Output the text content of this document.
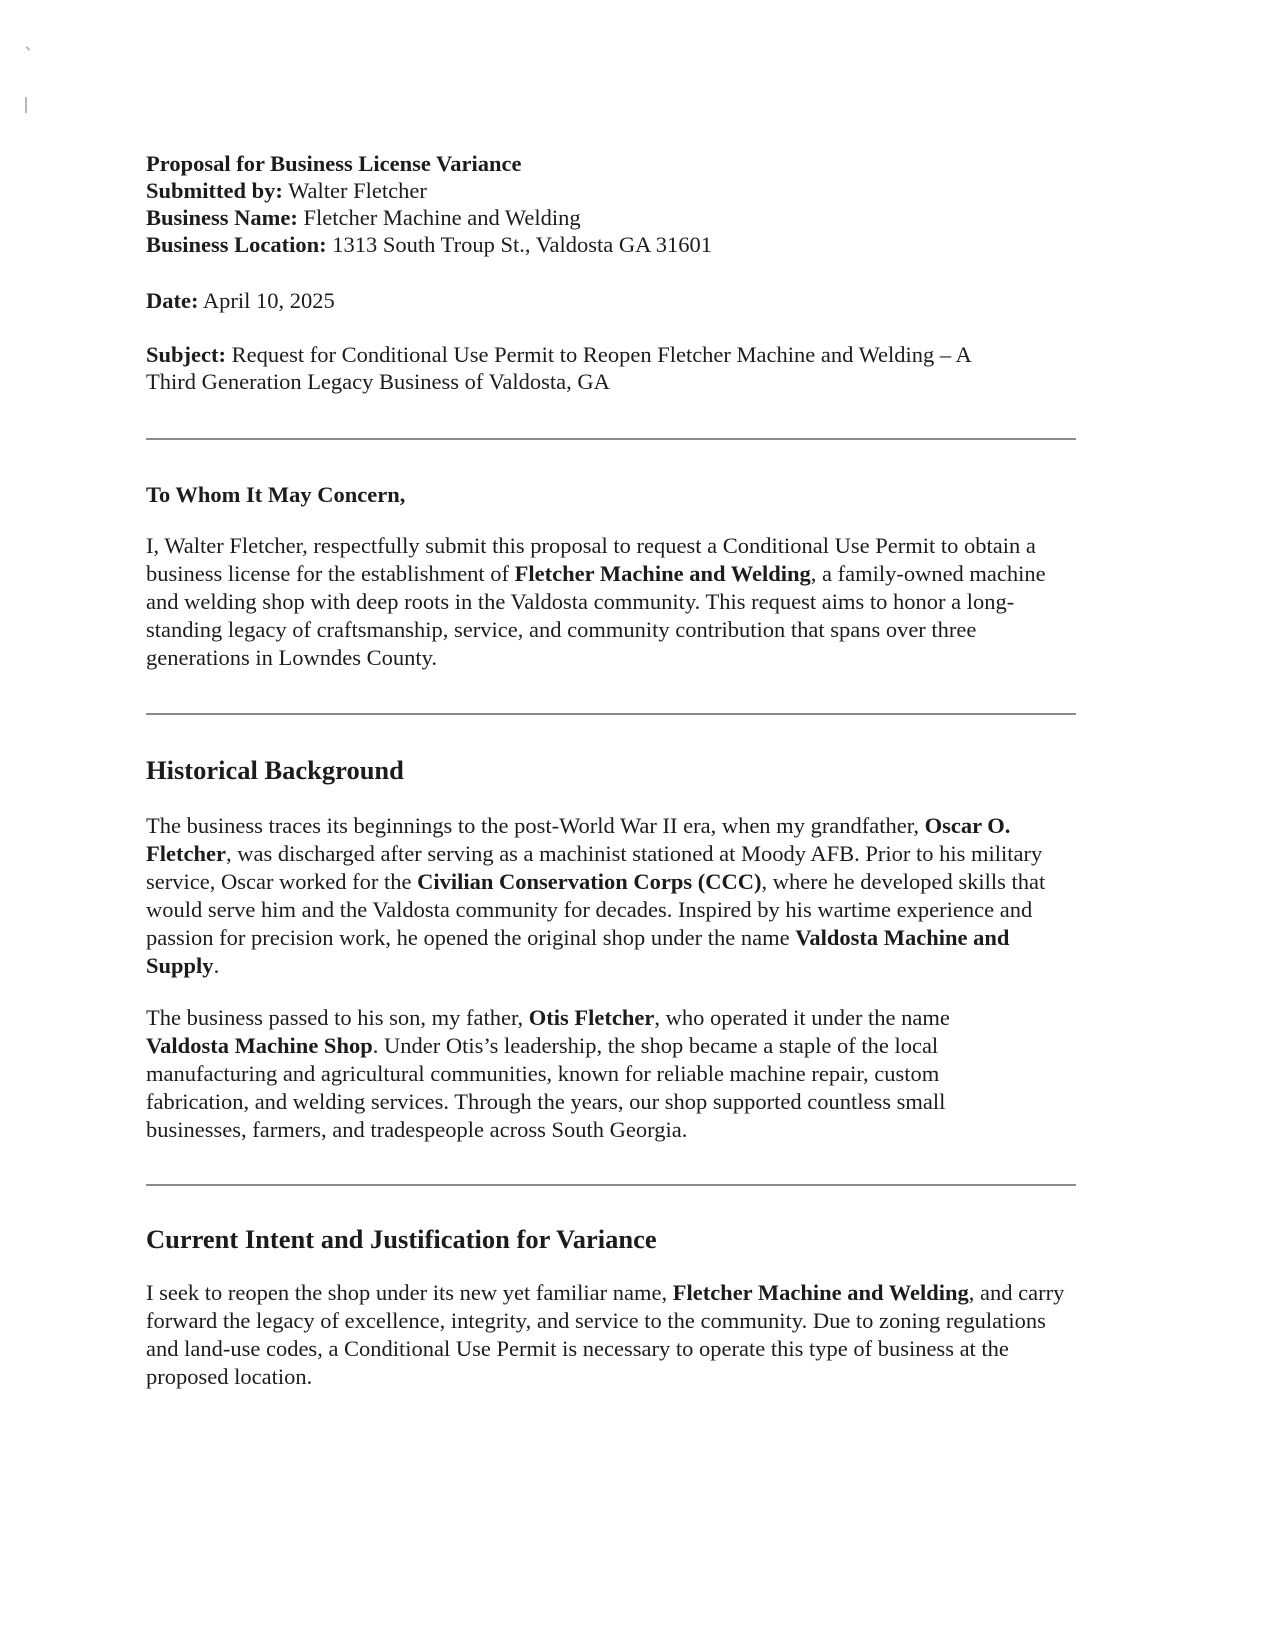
Proposal for Business License Variance
Submitted by: Walter Fletcher
Business Name: Fletcher Machine and Welding
Business Location: 1313 South Troup St., Valdosta GA 31601
Date: April 10, 2025
Subject: Request for Conditional Use Permit to Reopen Fletcher Machine and Welding – A
Third Generation Legacy Business of Valdosta, GA
To Whom It May Concern,

I, Walter Fletcher, respectfully submit this proposal to request a Conditional Use Permit to obtain a business license for the establishment of Fletcher Machine and Welding, a family-owned machine and welding shop with deep roots in the Valdosta community. This request aims to honor a long-standing legacy of craftsmanship, service, and community contribution that spans over three generations in Lowndes County.

Historical Background

The business traces its beginnings to the post-World War II era, when my grandfather, Oscar O. Fletcher, was discharged after serving as a machinist stationed at Moody AFB. Prior to his military service, Oscar worked for the Civilian Conservation Corps (CCC), where he developed skills that would serve him and the Valdosta community for decades. Inspired by his wartime experience and passion for precision work, he opened the original shop under the name Valdosta Machine and Supply.

The business passed to his son, my father, Otis Fletcher, who operated it under the name Valdosta Machine Shop. Under Otis’s leadership, the shop became a staple of the local manufacturing and agricultural communities, known for reliable machine repair, custom fabrication, and welding services. Through the years, our shop supported countless small businesses, farmers, and tradespeople across South Georgia.

Current Intent and Justification for Variance

I seek to reopen the shop under its new yet familiar name, Fletcher Machine and Welding, and carry forward the legacy of excellence, integrity, and service to the community. Due to zoning regulations and land-use codes, a Conditional Use Permit is necessary to operate this type of business at the proposed location.
